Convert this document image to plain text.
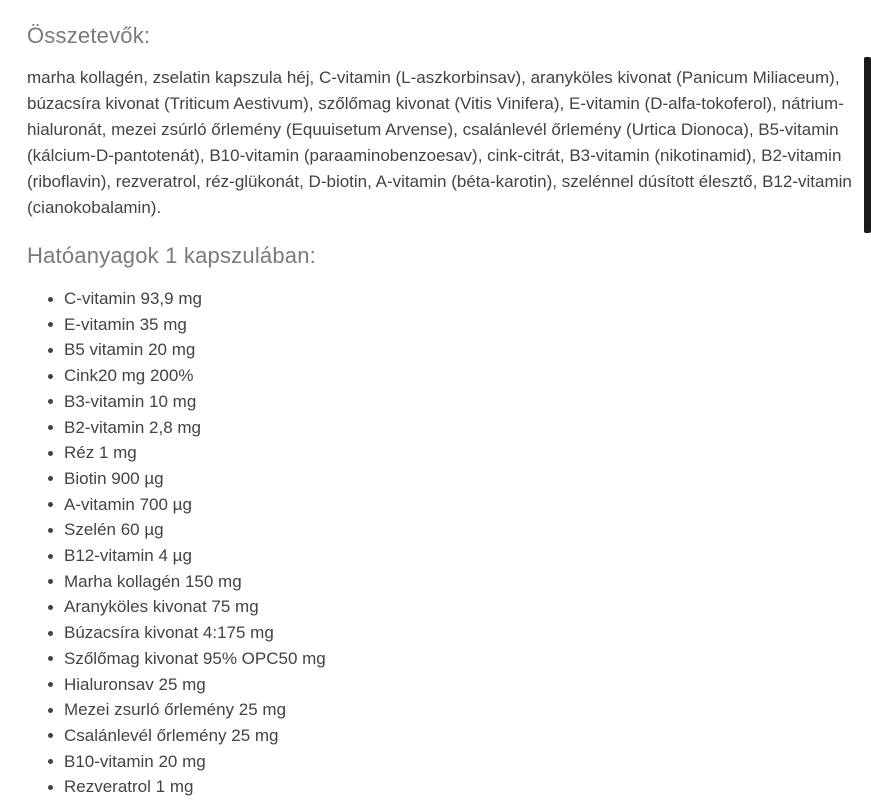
Összetevők:

marha kollagén, zselatin kapszula héj, C-vitamin (L-aszkorbinsav), aranyköles kivonat (Panicum Miliaceum), búzacsíra kivonat (Triticum Aestivum), szőlőmag kivonat (Vitis Vinifera), E-vitamin (D-alfa-tokoferol), nátrium-hialuronát, mezei zsúrló őrlemény (Equuisetum Arvense), csalánlevél őrlemény (Urtica Dionoca), B5-vitamin (kálcium-D-pantotenát), B10-vitamin (paraaminobenzoesav), cink-citrát, B3-vitamin (nikotinamid), B2-vitamin (riboflavin), rezveratrol, réz-glükonát, D-biotin, A-vitamin (béta-karotin), szelénnel dúsított élesztő, B12-vitamin (cianokobalamin).

Hatóanyagok 1 kapszulában:
C-vitamin 93,9 mg
E-vitamin 35 mg
B5 vitamin 20 mg
Cink20 mg 200%
B3-vitamin 10 mg
B2-vitamin 2,8 mg
Réz 1 mg
Biotin 900 µg
A-vitamin 700 µg
Szelén 60 µg
B12-vitamin 4 µg
Marha kollagén 150 mg
Aranyköles kivonat 75 mg
Búzacsíra kivonat 4:175 mg
Szőlőmag kivonat 95% OPC50 mg
Hialuronsav 25 mg
Mezei zsurló őrlemény 25 mg
Csalánlevél őrlemény 25 mg
B10-vitamin 20 mg
Rezveratrol 1 mg
